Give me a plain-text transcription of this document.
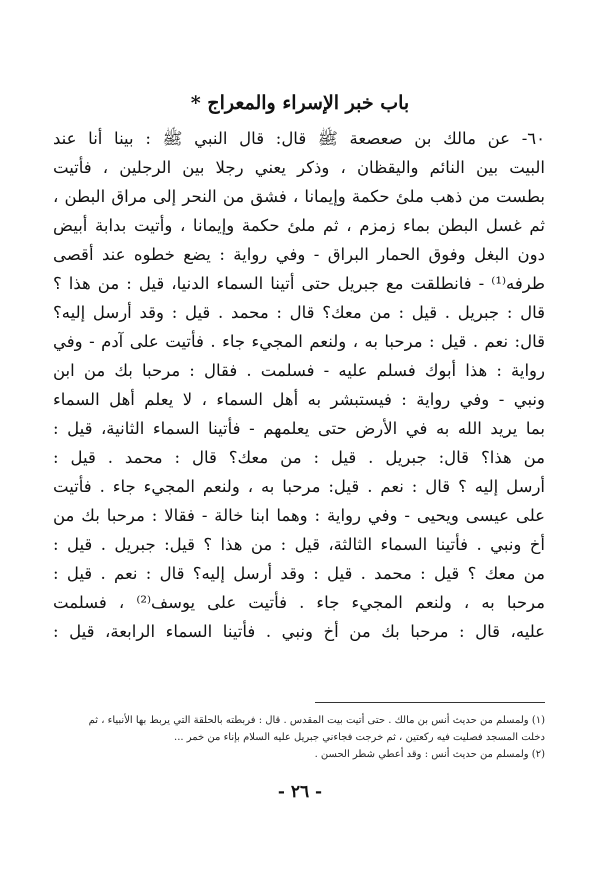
باب خبر الإسراء والمعراج *
٦٠- عن مالك بن صعصعة ﷺ قال: قال النبي ﷺ : بينا أنا عند
البيت بين النائم واليقظان ، وذكر يعني رجلا بين الرجلين ، فأتيت
بطست من ذهب ملئ حكمة وإيمانا ، فشق من النحر إلى مراق البطن ،
ثم غسل البطن بماء زمزم ، ثم ملئ حكمة وإيمانا ، وأتيت بدابة أبيض
دون البغل وفوق الحمار البراق - وفي رواية : يضع خطوه عند أقصى
طرفه⁽¹⁾ - فانطلقت مع جبريل حتى أتينا السماء الدنيا، قيل : من هذا ؟
قال : جبريل . قيل : من معك؟ قال : محمد . قيل : وقد أرسل إليه؟
قال: نعم . قيل : مرحبا به ، ولنعم المجيء جاء . فأتيت على آدم - وفي
رواية : هذا أبوك فسلم عليه - فسلمت . فقال : مرحبا بك من ابن
ونبي - وفي رواية : فيستبشر به أهل السماء ، لا يعلم أهل السماء
بما يريد الله به في الأرض حتى يعلمهم - فأتينا السماء الثانية، قيل :
من هذا؟ قال: جبريل . قيل : من معك؟ قال : محمد . قيل :
أرسل إليه ؟ قال : نعم . قيل: مرحبا به ، ولنعم المجيء جاء . فأتيت
على عيسى ويحيى - وفي رواية : وهما ابنا خالة - فقالا : مرحبا بك من
أخ ونبي . فأتينا السماء الثالثة، قيل : من هذا ؟ قيل: جبريل . قيل :
من معك ؟ قيل : محمد . قيل : وقد أرسل إليه؟ قال : نعم . قيل :
مرحبا به ، ولنعم المجيء جاء . فأتيت على يوسف⁽²⁾ ، فسلمت
عليه، قال : مرحبا بك من أخ ونبي . فأتينا السماء الرابعة، قيل :
(١) ولمسلم من حديث أنس بن مالك . حتى أتيت بيت المقدس . قال : فربطته بالحلقة التي يربط بها الأنبياء ، ثم
دخلت المسجد فصليت فيه ركعتين ، ثم خرجت فجاءني جبريل عليه السلام بإناء من خمر ...
(٢) ولمسلم من حديث أنس : وقد أعطي شطر الحسن .
- ٢٦ -
